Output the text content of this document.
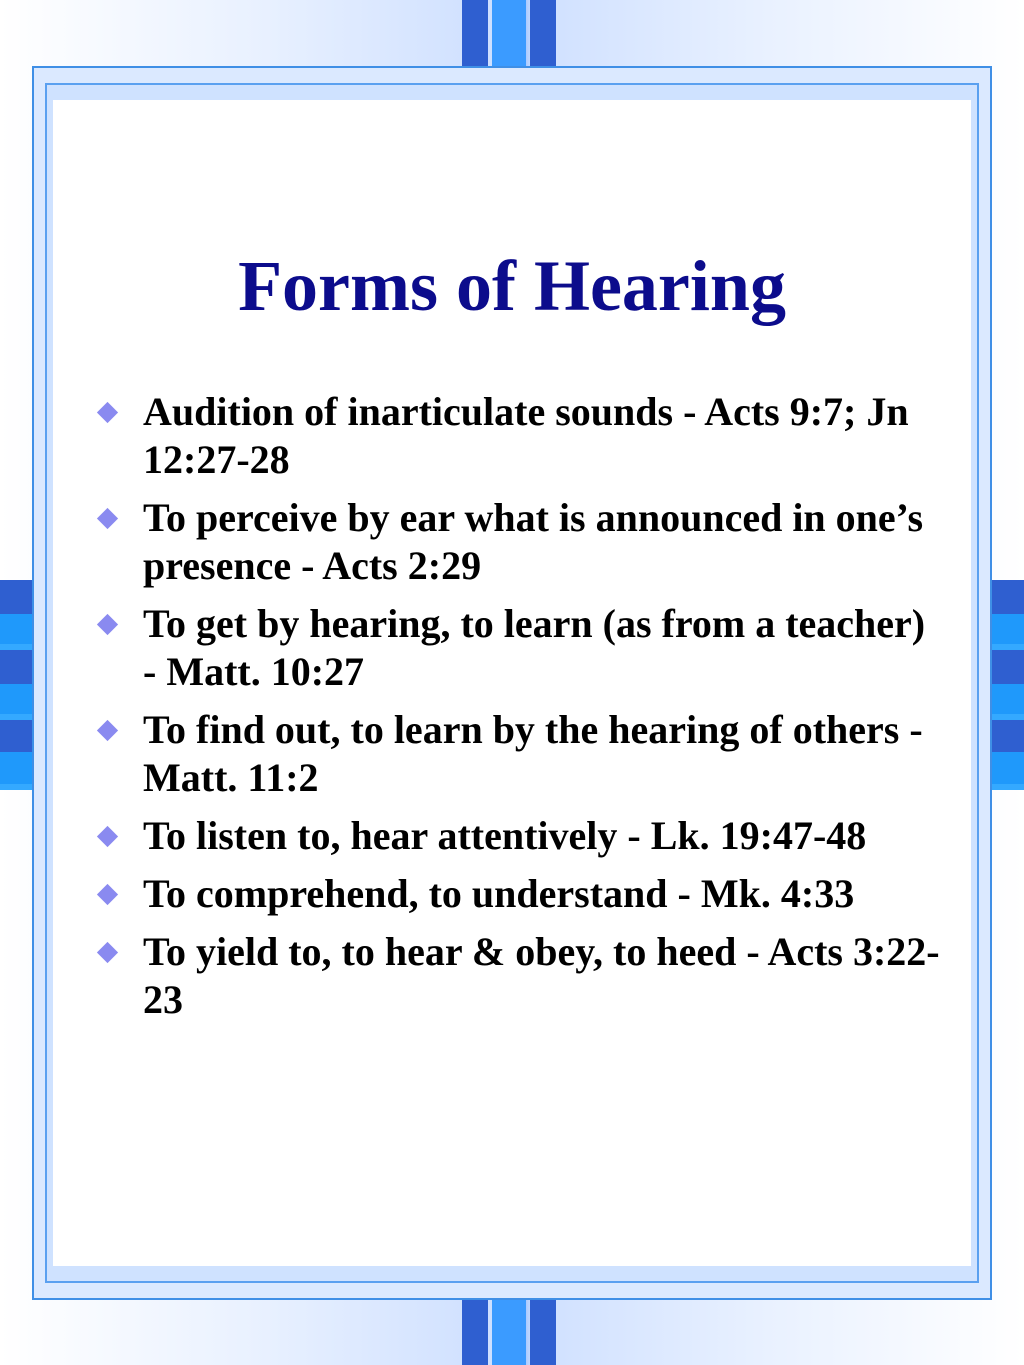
Forms of Hearing
Audition of inarticulate sounds - Acts 9:7; Jn 12:27-28
To perceive by ear what is announced in one’s presence - Acts 2:29
To get by hearing, to learn (as from a teacher) - Matt. 10:27
To find out, to learn by the hearing of others - Matt. 11:2
To listen to, hear attentively - Lk. 19:47-48
To comprehend, to understand - Mk. 4:33
To yield to, to hear & obey, to heed - Acts 3:22-23
